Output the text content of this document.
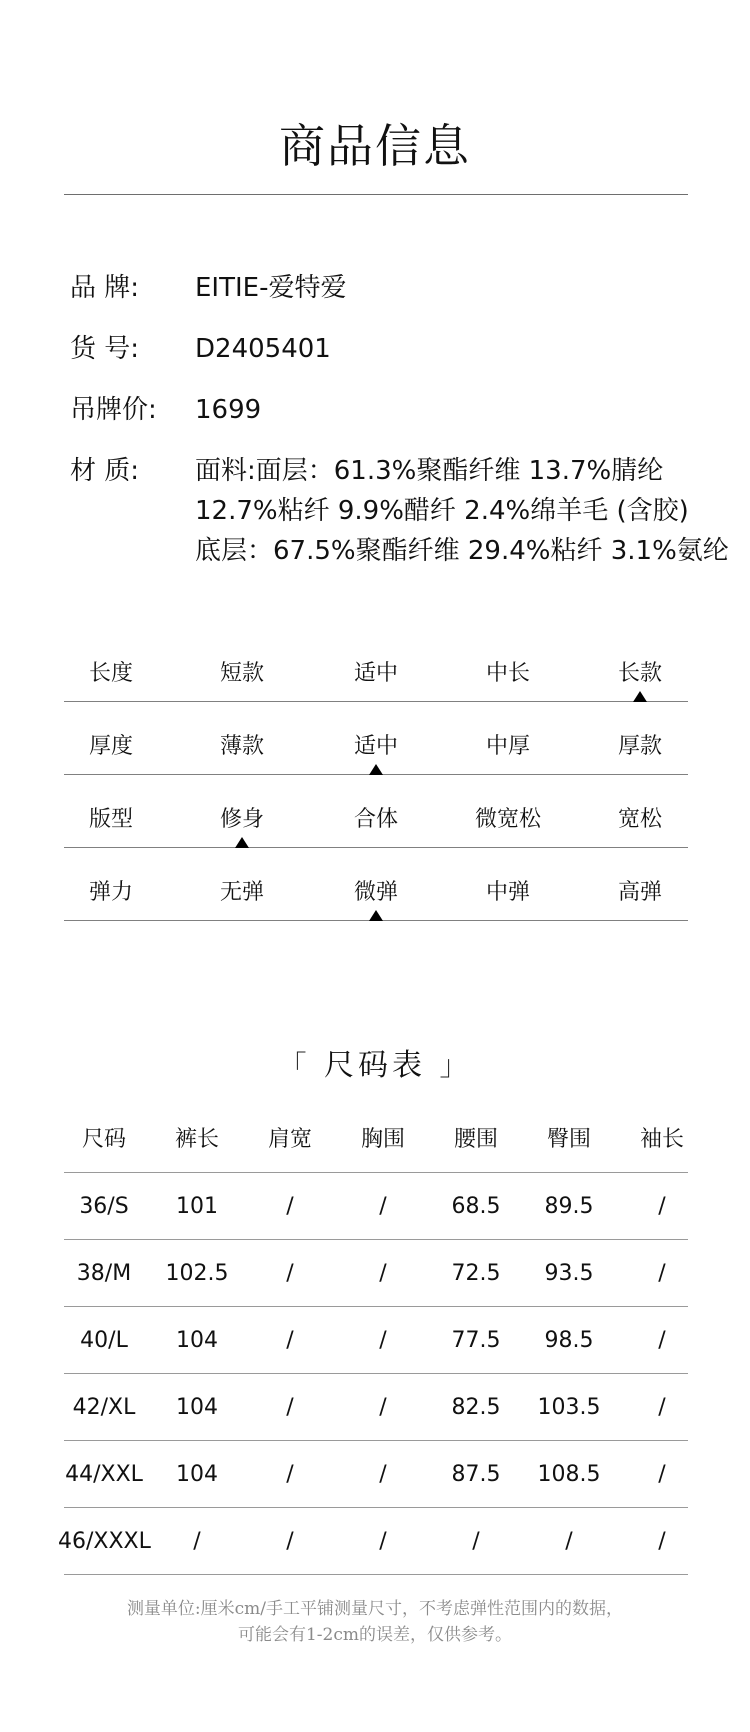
商品信息
品 牌:	EITIE-爱特爱
货 号:	D2405401
吊牌价:	1699
材 质:	面料:面层：61.3%聚酯纤维 13.7%腈纶
12.7%粘纤 9.9%醋纤 2.4%绵羊毛 (含胶)
底层：67.5%聚酯纤维 29.4%粘纤 3.1%氨纶
长度	短款	适中	中长	长款
厚度	薄款	适中	中厚	厚款
版型	修身	合体	微宽松	宽松
弹力	无弹	微弹	中弹	高弹
「 尺码表 」
尺码	裤长	肩宽	胸围	腰围	臀围	袖长
36/S	101	/	/	68.5	89.5	/
38/M	102.5	/	/	72.5	93.5	/
40/L	104	/	/	77.5	98.5	/
42/XL	104	/	/	82.5	103.5	/
44/XXL	104	/	/	87.5	108.5	/
46/XXXL	/	/	/	/	/	/
测量单位:厘米cm/手工平铺测量尺寸，不考虑弹性范围内的数据，
可能会有1-2cm的误差，仅供参考。
